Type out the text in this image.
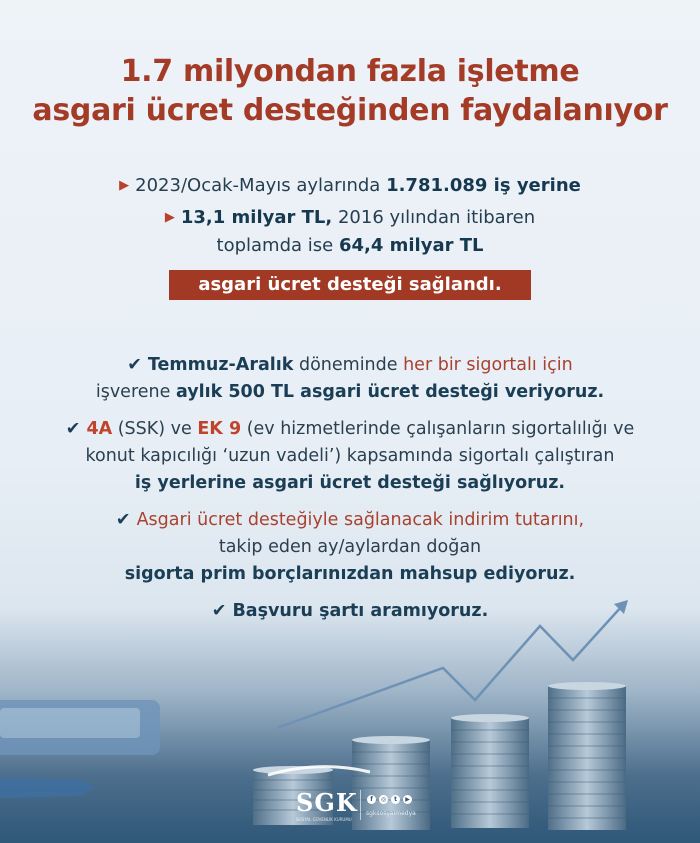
1.7 milyondan fazla işletme
asgari ücret desteğinden faydalanıyor
▶ 2023/Ocak-Mayıs aylarında 1.781.089 iş yerine
▶ 13,1 milyar TL, 2016 yılından itibaren
toplamda ise 64,4 milyar TL
asgari ücret desteği sağlandı.
✔ Temmuz-Aralık döneminde her bir sigortalı için
işverene aylık 500 TL asgari ücret desteği veriyoruz.
✔ 4A (SSK) ve EK 9 (ev hizmetlerinde çalışanların sigortalılığı ve
konut kapıcılığı ‘uzun vadeli’) kapsamında sigortalı çalıştıran
iş yerlerine asgari ücret desteği sağlıyoruz.
✔ Asgari ücret desteğiyle sağlanacak indirim tutarını,
takip eden ay/aylardan doğan
sigorta prim borçlarınızdan mahsup ediyoruz.
✔ Başvuru şartı aramıyoruz.
SGK
SOSYAL GÜVENLİK KURUMU
f	◎	t	▶
sgksosyalmedya
